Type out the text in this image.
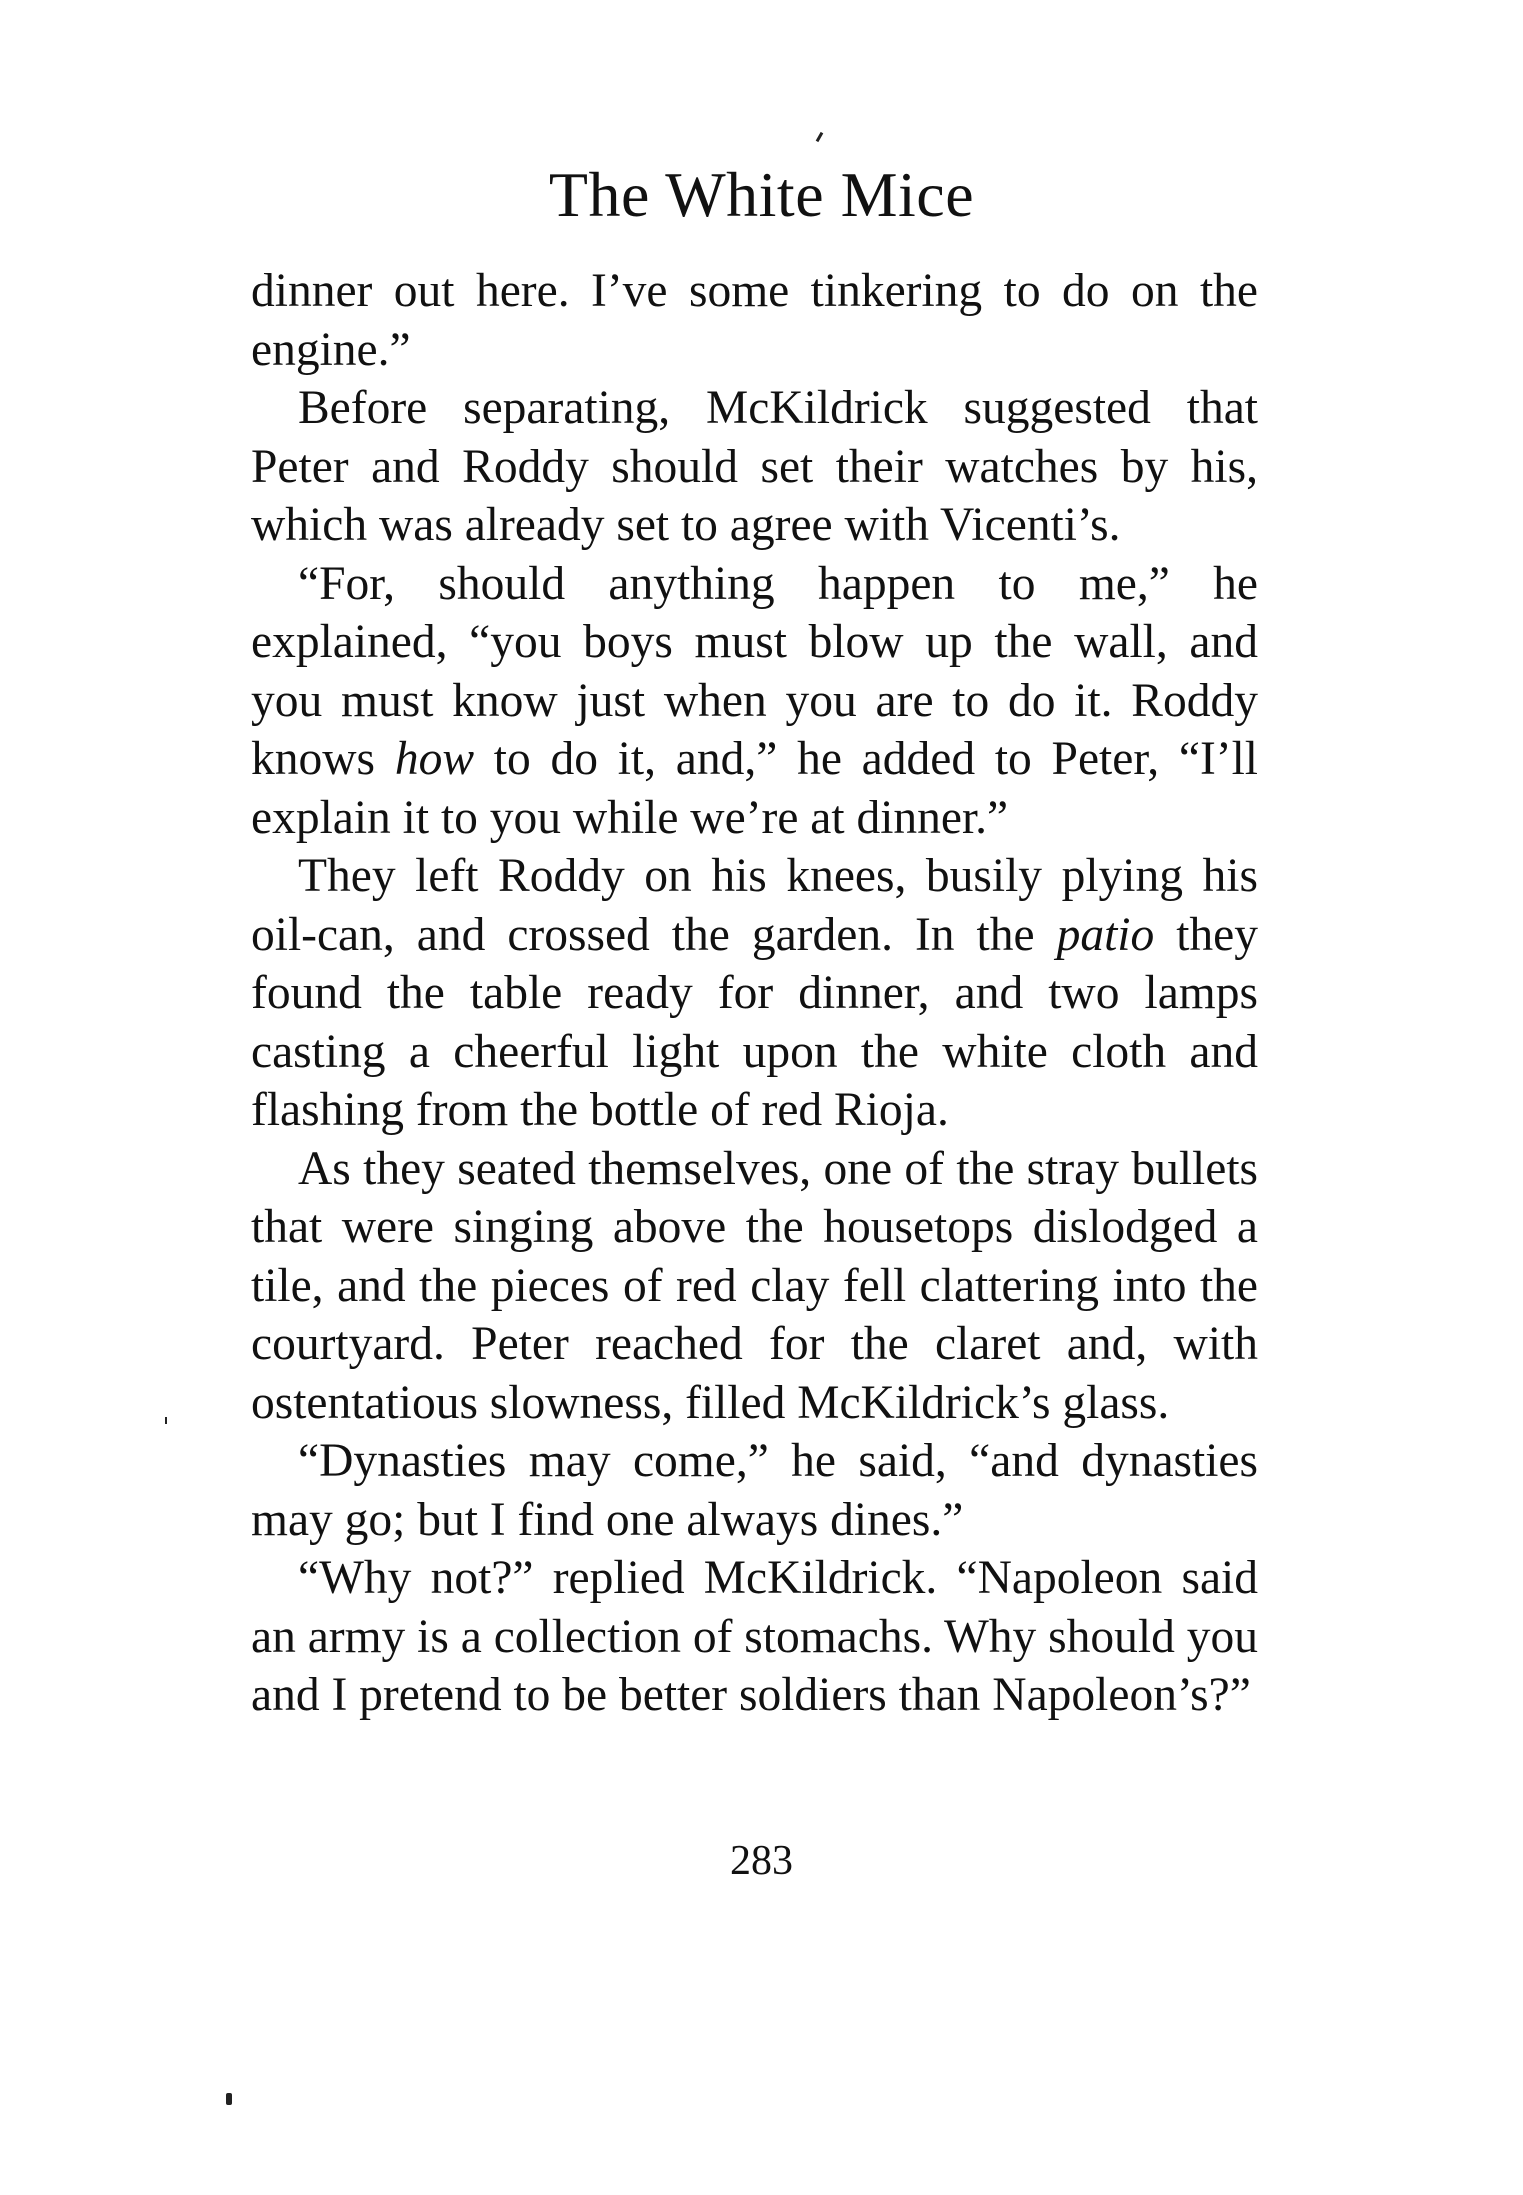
The White Mice

dinner out here. I’ve some tinkering to do on the engine.”

Before separating, McKildrick suggested that Peter and Roddy should set their watches by his, which was already set to agree with Vicenti’s.

“For, should anything happen to me,” he explained, “you boys must blow up the wall, and you must know just when you are to do it. Roddy knows how to do it, and,” he added to Peter, “I’ll explain it to you while we’re at dinner.”

They left Roddy on his knees, busily plying his oil-can, and crossed the garden. In the patio they found the table ready for dinner, and two lamps casting a cheerful light upon the white cloth and flashing from the bottle of red Rioja.

As they seated themselves, one of the stray bullets that were singing above the housetops dislodged a tile, and the pieces of red clay fell clattering into the courtyard. Peter reached for the claret and, with ostentatious slowness, filled McKildrick’s glass.

“Dynasties may come,” he said, “and dynasties may go; but I find one always dines.”

“Why not?” replied McKildrick. “Napoleon said an army is a collection of stomachs. Why should you and I pretend to be better soldiers than Napoleon’s?”

283
